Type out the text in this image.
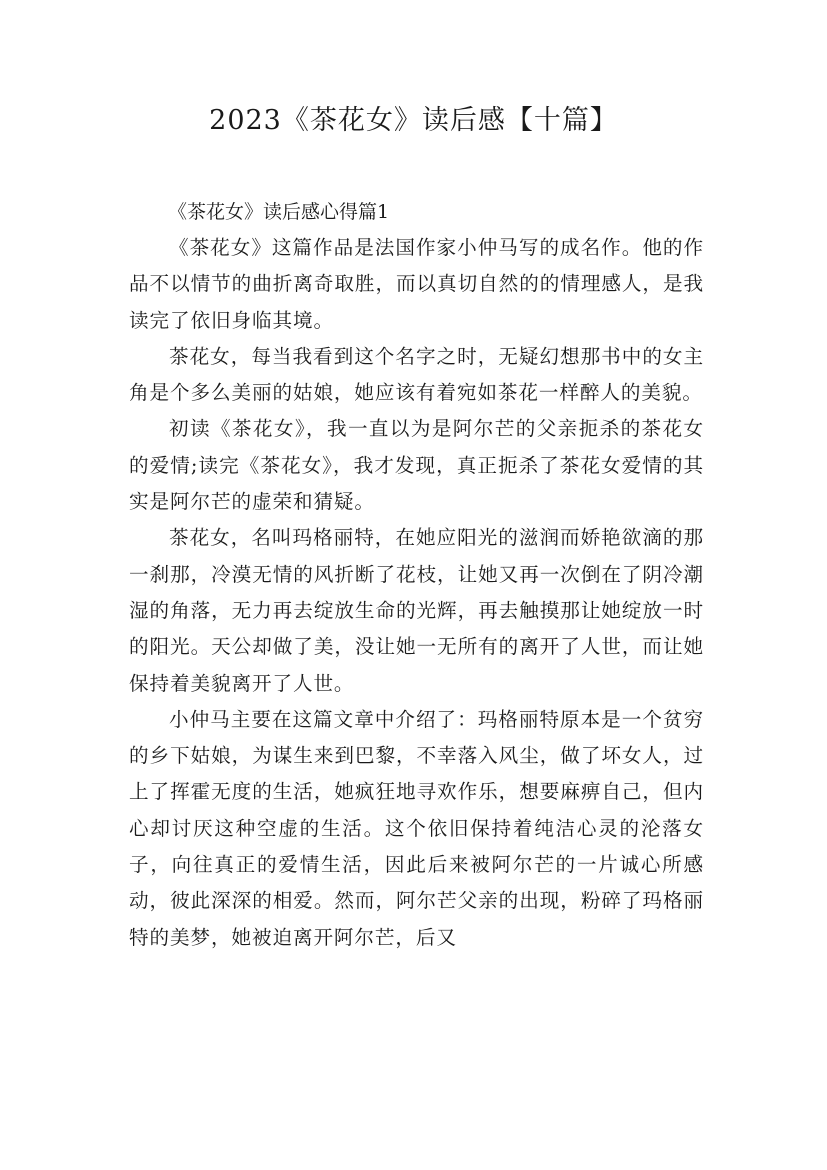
2023《茶花女》读后感【十篇】

《茶花女》读后感心得篇1

《茶花女》这篇作品是法国作家小仲马写的成名作。他的作品不以情节的曲折离奇取胜，而以真切自然的的情理感人，是我读完了依旧身临其境。

茶花女，每当我看到这个名字之时，无疑幻想那书中的女主角是个多么美丽的姑娘，她应该有着宛如茶花一样醉人的美貌。

初读《茶花女》，我一直以为是阿尔芒的父亲扼杀的茶花女的爱情;读完《茶花女》，我才发现，真正扼杀了茶花女爱情的其实是阿尔芒的虚荣和猜疑。

茶花女，名叫玛格丽特，在她应阳光的滋润而娇艳欲滴的那一刹那，冷漠无情的风折断了花枝，让她又再一次倒在了阴冷潮湿的角落，无力再去绽放生命的光辉，再去触摸那让她绽放一时的阳光。天公却做了美，没让她一无所有的离开了人世，而让她保持着美貌离开了人世。

小仲马主要在这篇文章中介绍了：玛格丽特原本是一个贫穷的乡下姑娘，为谋生来到巴黎，不幸落入风尘，做了坏女人，过上了挥霍无度的生活，她疯狂地寻欢作乐，想要麻痹自己，但内心却讨厌这种空虚的生活。这个依旧保持着纯洁心灵的沦落女子，向往真正的爱情生活，因此后来被阿尔芒的一片诚心所感动，彼此深深的相爱。然而，阿尔芒父亲的出现，粉碎了玛格丽特的美梦，她被迫离开阿尔芒，后又
